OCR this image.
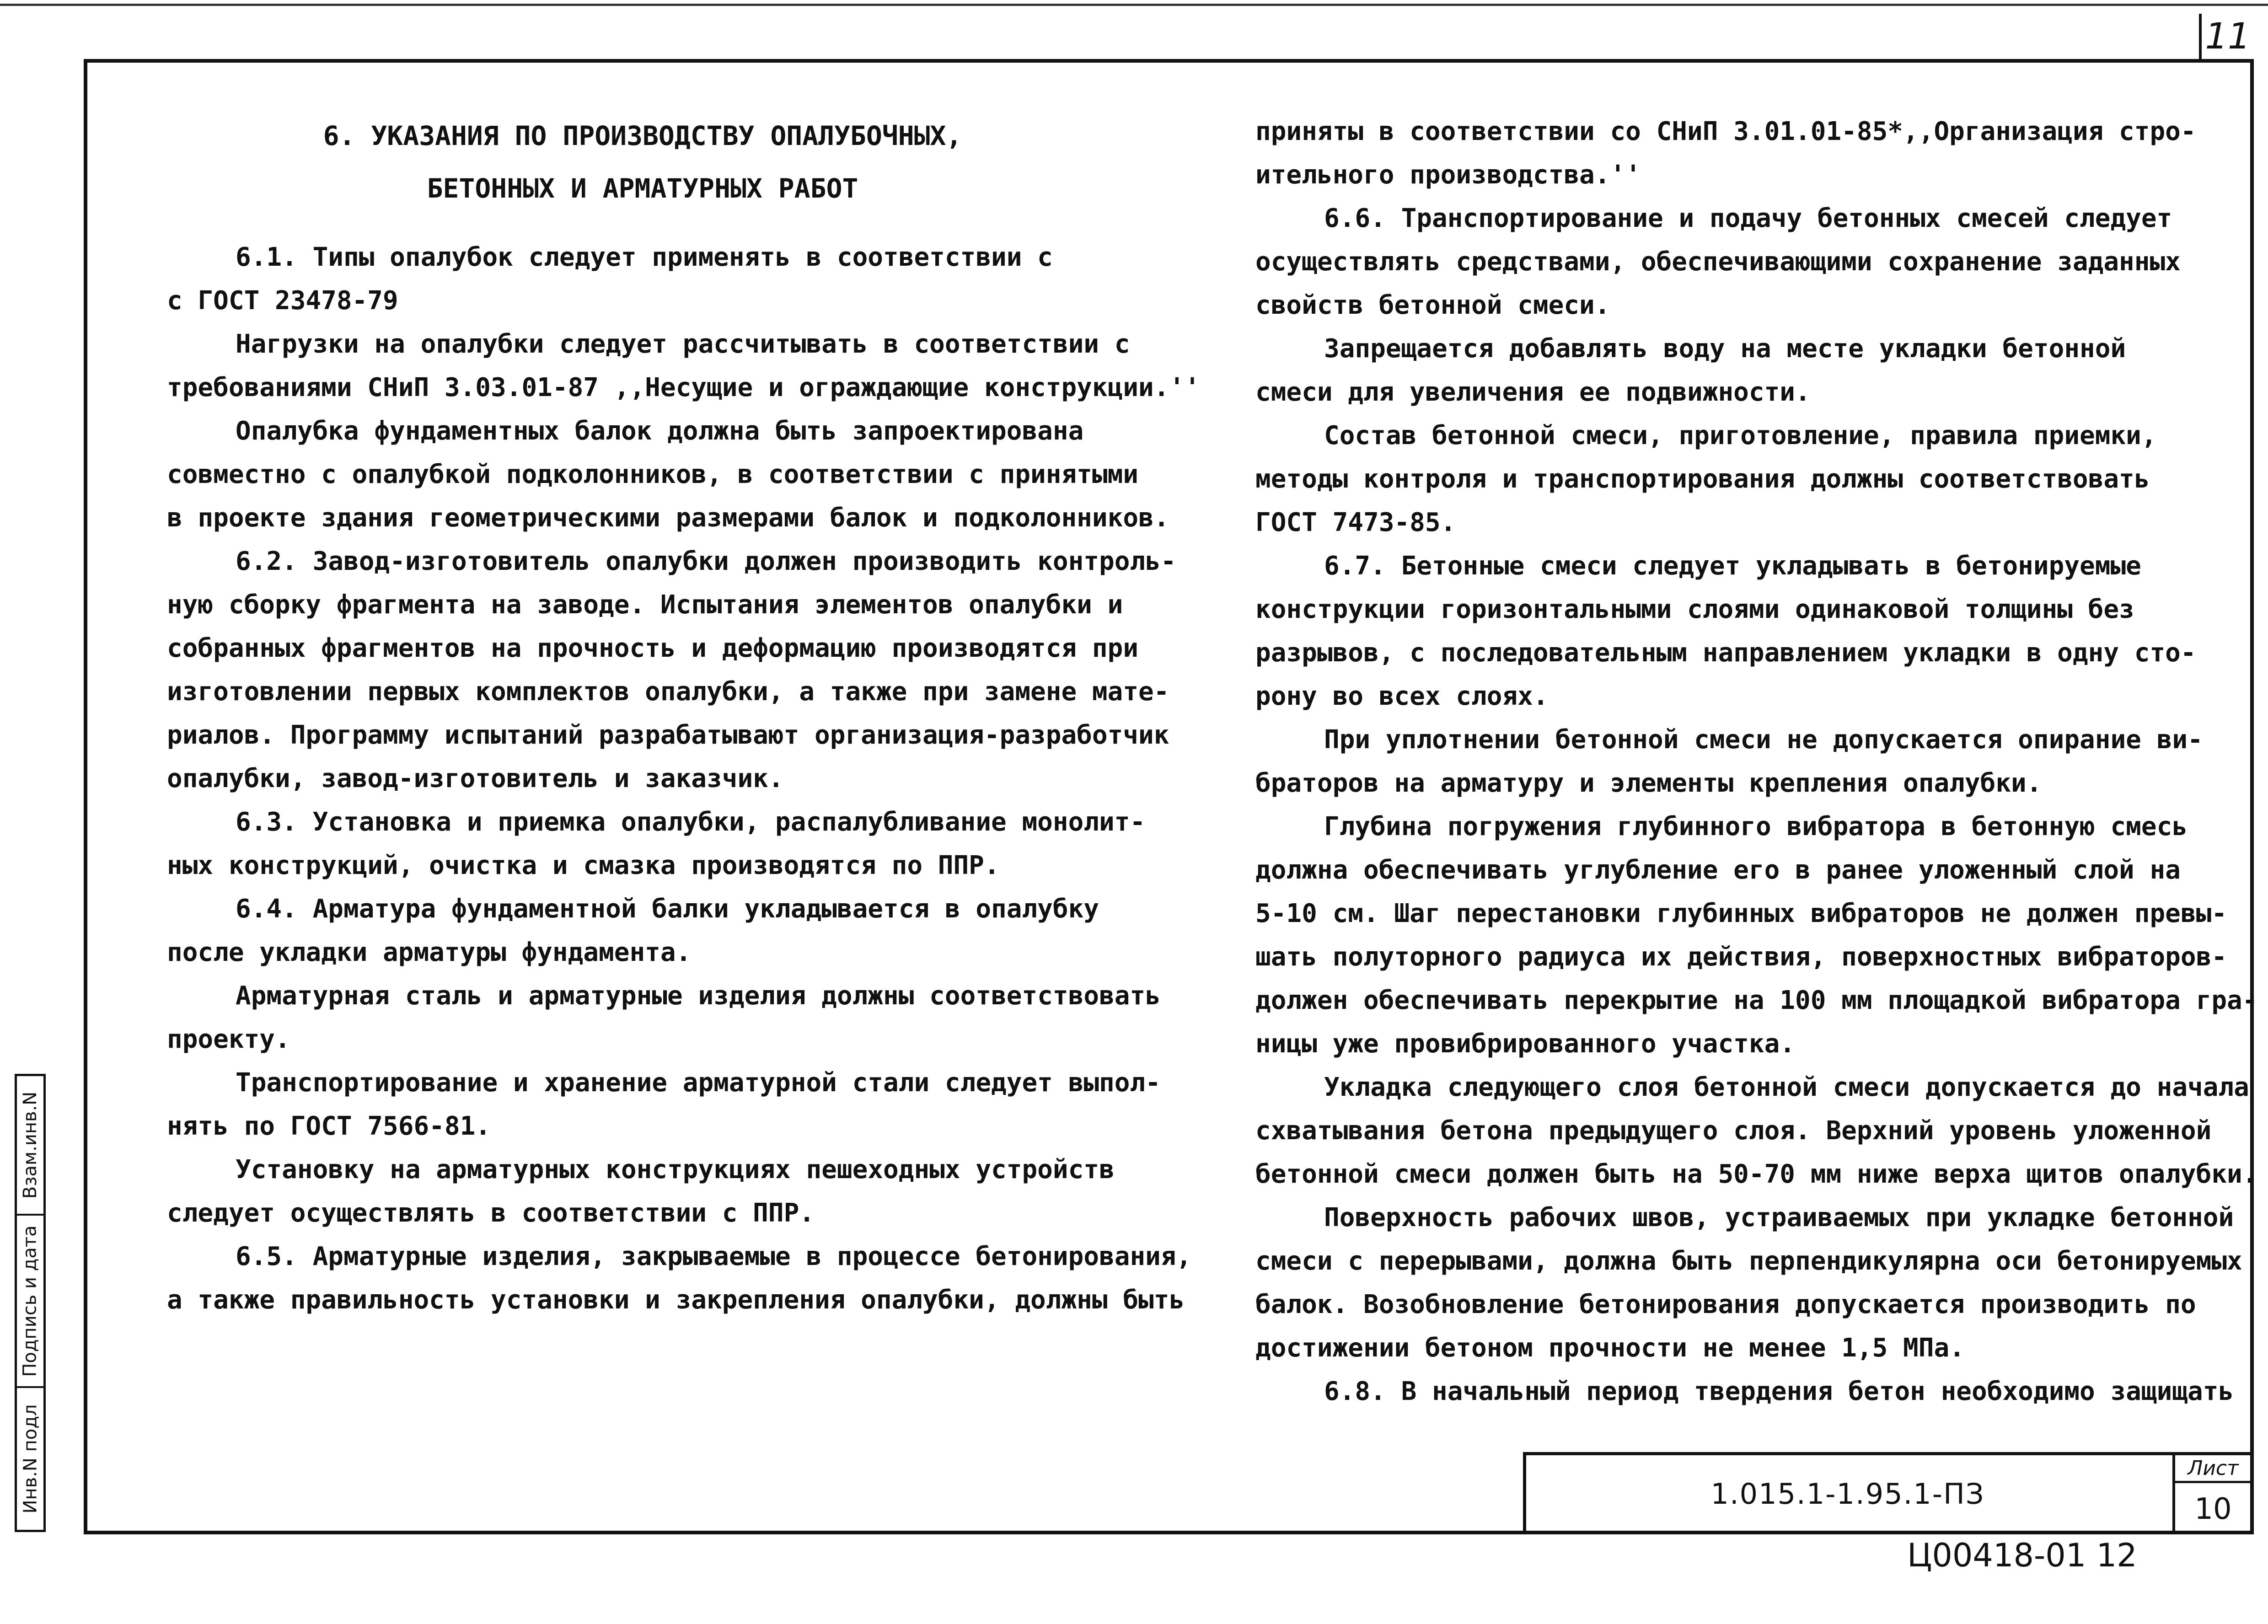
11
6. УКАЗАНИЯ ПО ПРОИЗВОДСТВУ ОПАЛУБОЧНЫХ,
БЕТОННЫХ И АРМАТУРНЫХ РАБОТ
6.1. Типы опалубок следует применять в соответствии с
с ГОСТ 23478-79
Нагрузки на опалубки следует рассчитывать в соответствии с
требованиями СНиП 3.03.01-87 ,,Несущие и ограждающие конструкции.''
Опалубка фундаментных балок должна быть запроектирована
совместно с опалубкой подколонников, в соответствии с принятыми
в проекте здания геометрическими размерами балок и подколонников.
6.2. Завод-изготовитель опалубки должен производить контроль-
ную сборку фрагмента на заводе. Испытания элементов опалубки и
собранных фрагментов на прочность и деформацию производятся при
изготовлении первых комплектов опалубки, а также при замене мате-
риалов. Программу испытаний разрабатывают организация-разработчик
опалубки, завод-изготовитель и заказчик.
6.3. Установка и приемка опалубки, распалубливание монолит-
ных конструкций, очистка и смазка производятся по ППР.
6.4. Арматура фундаментной балки укладывается в опалубку
после укладки арматуры фундамента.
Арматурная сталь и арматурные изделия должны соответствовать
проекту.
Транспортирование и хранение арматурной стали следует выпол-
нять по ГОСТ 7566-81.
Установку на арматурных конструкциях пешеходных устройств
следует осуществлять в соответствии с ППР.
6.5. Арматурные изделия, закрываемые в процессе бетонирования,
а также правильность установки и закрепления опалубки, должны быть
приняты в соответствии со СНиП 3.01.01-85*,,Организация стро-
ительного производства.''
6.6. Транспортирование и подачу бетонных смесей следует
осуществлять средствами, обеспечивающими сохранение заданных
свойств бетонной смеси.
Запрещается добавлять воду на месте укладки бетонной
смеси для увеличения ее подвижности.
Состав бетонной смеси, приготовление, правила приемки,
методы контроля и транспортирования должны соответствовать
ГОСТ 7473-85.
6.7. Бетонные смеси следует укладывать в бетонируемые
конструкции горизонтальными слоями одинаковой толщины без
разрывов, с последовательным направлением укладки в одну сто-
рону во всех слоях.
При уплотнении бетонной смеси не допускается опирание ви-
браторов на арматуру и элементы крепления опалубки.
Глубина погружения глубинного вибратора в бетонную смесь
должна обеспечивать углубление его в ранее уложенный слой на
5-10 см. Шаг перестановки глубинных вибраторов не должен превы-
шать полуторного радиуса их действия, поверхностных вибраторов-
должен обеспечивать перекрытие на 100 мм площадкой вибратора гра-
ницы уже провибрированного участка.
Укладка следующего слоя бетонной смеси допускается до начала
схватывания бетона предыдущего слоя. Верхний уровень уложенной
бетонной смеси должен быть на 50-70 мм ниже верха щитов опалубки.
Поверхность рабочих швов, устраиваемых при укладке бетонной
смеси с перерывами, должна быть перпендикулярна оси бетонируемых
балок. Возобновление бетонирования допускается производить по
достижении бетоном прочности не менее 1,5 МПа.
6.8. В начальный период твердения бетон необходимо защищать
Инв.N подл
Подпись и дата
Взам.инв.N
1.015.1-1.95.1-ПЗ
Лист
10
Ц00418-01 12
